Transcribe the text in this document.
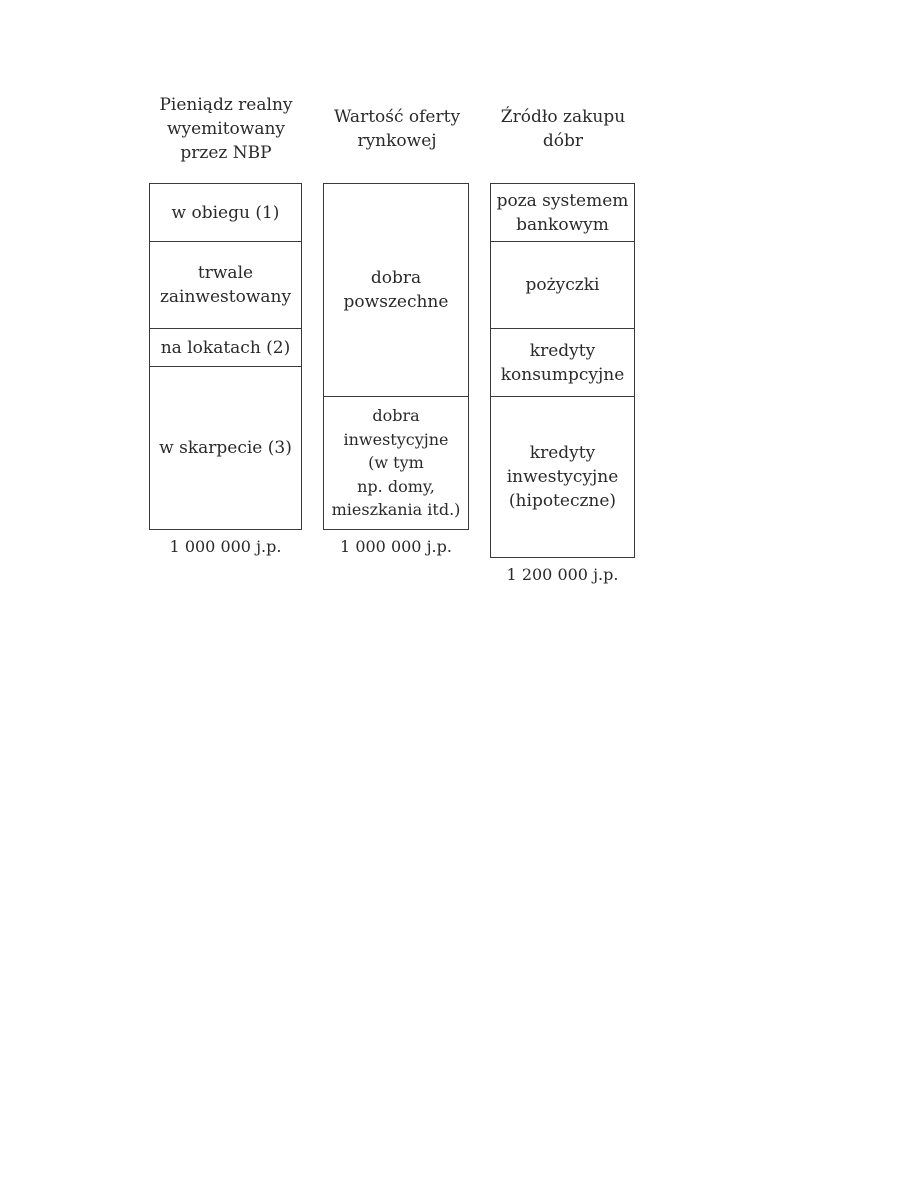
Pieniądz realny
wyemitowany
przez NBP
w obiegu (1)
trwale
zainwestowany
na lokatach (2)
w skarpecie (3)
1 000 000 j.p.
Wartość oferty
rynkowej
dobra
powszechne
dobra
inwestycyjne
(w tym
np. domy,
mieszkania itd.)
1 000 000 j.p.
Źródło zakupu
dóbr
poza systemem
bankowym
pożyczki
kredyty
konsumpcyjne
kredyty
inwestycyjne
(hipoteczne)
1 200 000 j.p.
